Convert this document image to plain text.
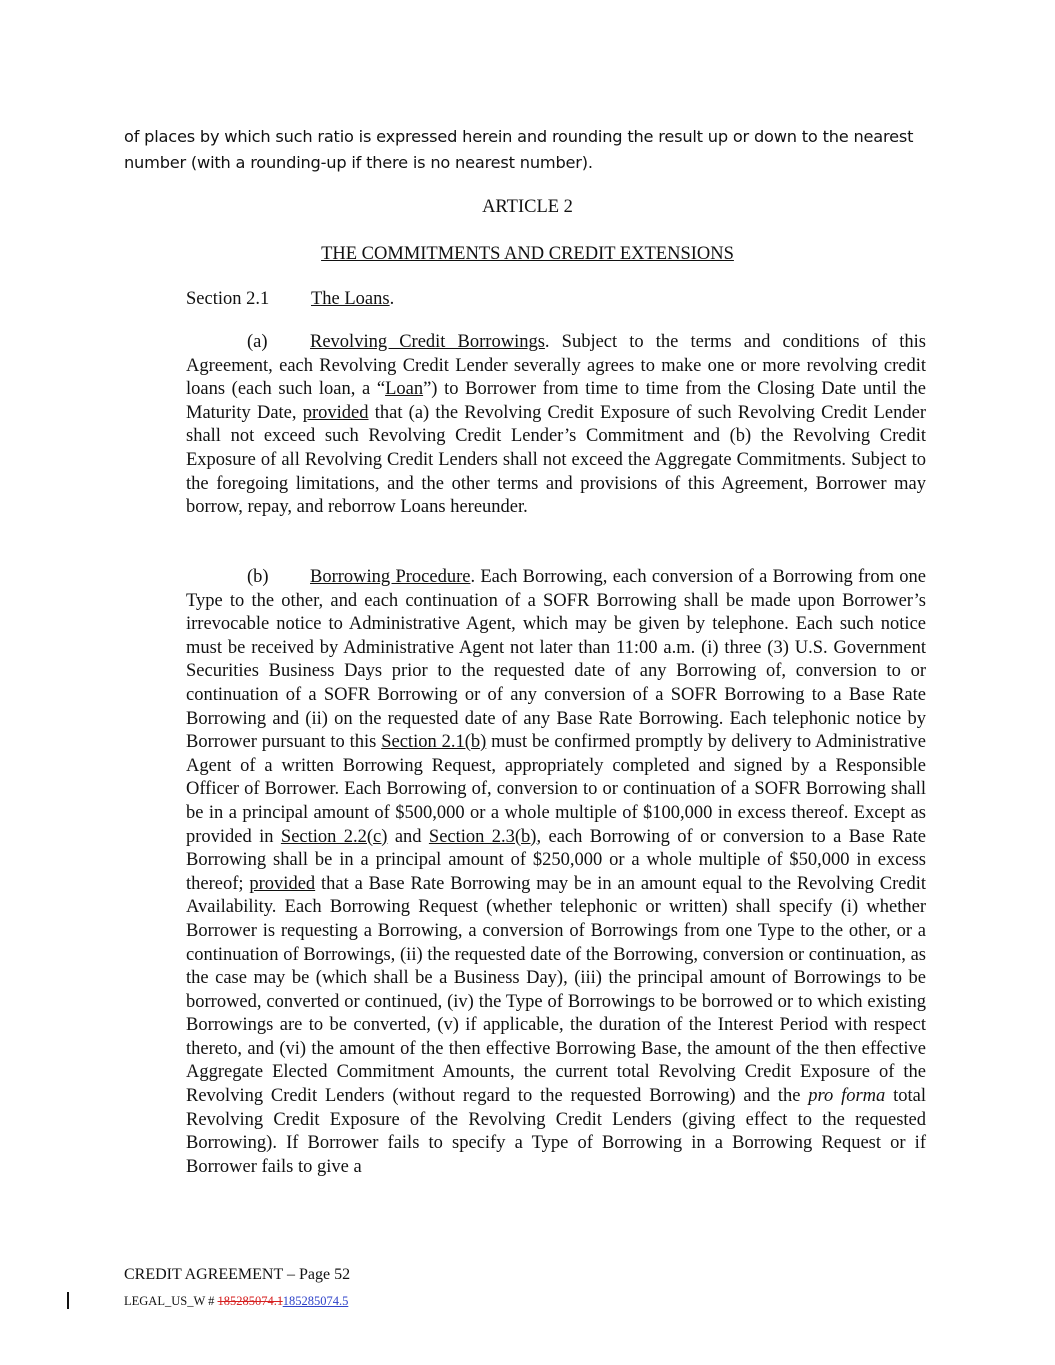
of places by which such ratio is expressed herein and rounding the result up or down to the nearest number (with a rounding-up if there is no nearest number).
ARTICLE 2
THE COMMITMENTS AND CREDIT EXTENSIONS
Section 2.1 The Loans.

(a) Revolving Credit Borrowings. Subject to the terms and conditions of this Agreement, each Revolving Credit Lender severally agrees to make one or more revolving credit loans (each such loan, a “Loan”) to Borrower from time to time from the Closing Date until the Maturity Date, provided that (a) the Revolving Credit Exposure of such Revolving Credit Lender shall not exceed such Revolving Credit Lender’s Commitment and (b) the Revolving Credit Exposure of all Revolving Credit Lenders shall not exceed the Aggregate Commitments. Subject to the foregoing limitations, and the other terms and provisions of this Agreement, Borrower may borrow, repay, and reborrow Loans hereunder.

(b) Borrowing Procedure. Each Borrowing, each conversion of a Borrowing from one Type to the other, and each continuation of a SOFR Borrowing shall be made upon Borrower’s irrevocable notice to Administrative Agent, which may be given by telephone. Each such notice must be received by Administrative Agent not later than 11:00 a.m. (i) three (3) U.S. Government Securities Business Days prior to the requested date of any Borrowing of, conversion to or continuation of a SOFR Borrowing or of any conversion of a SOFR Borrowing to a Base Rate Borrowing and (ii) on the requested date of any Base Rate Borrowing. Each telephonic notice by Borrower pursuant to this Section 2.1(b) must be confirmed promptly by delivery to Administrative Agent of a written Borrowing Request, appropriately completed and signed by a Responsible Officer of Borrower. Each Borrowing of, conversion to or continuation of a SOFR Borrowing shall be in a principal amount of $500,000 or a whole multiple of $100,000 in excess thereof. Except as provided in Section 2.2(c) and Section 2.3(b), each Borrowing of or conversion to a Base Rate Borrowing shall be in a principal amount of $250,000 or a whole multiple of $50,000 in excess thereof; provided that a Base Rate Borrowing may be in an amount equal to the Revolving Credit Availability. Each Borrowing Request (whether telephonic or written) shall specify (i) whether Borrower is requesting a Borrowing, a conversion of Borrowings from one Type to the other, or a continuation of Borrowings, (ii) the requested date of the Borrowing, conversion or continuation, as the case may be (which shall be a Business Day), (iii) the principal amount of Borrowings to be borrowed, converted or continued, (iv) the Type of Borrowings to be borrowed or to which existing Borrowings are to be converted, (v) if applicable, the duration of the Interest Period with respect thereto, and (vi) the amount of the then effective Borrowing Base, the amount of the then effective Aggregate Elected Commitment Amounts, the current total Revolving Credit Exposure of the Revolving Credit Lenders (without regard to the requested Borrowing) and the pro forma total Revolving Credit Exposure of the Revolving Credit Lenders (giving effect to the requested Borrowing). If Borrower fails to specify a Type of Borrowing in a Borrowing Request or if Borrower fails to give a

CREDIT AGREEMENT – Page 52
LEGAL_US_W # 185285074.1185285074.5
